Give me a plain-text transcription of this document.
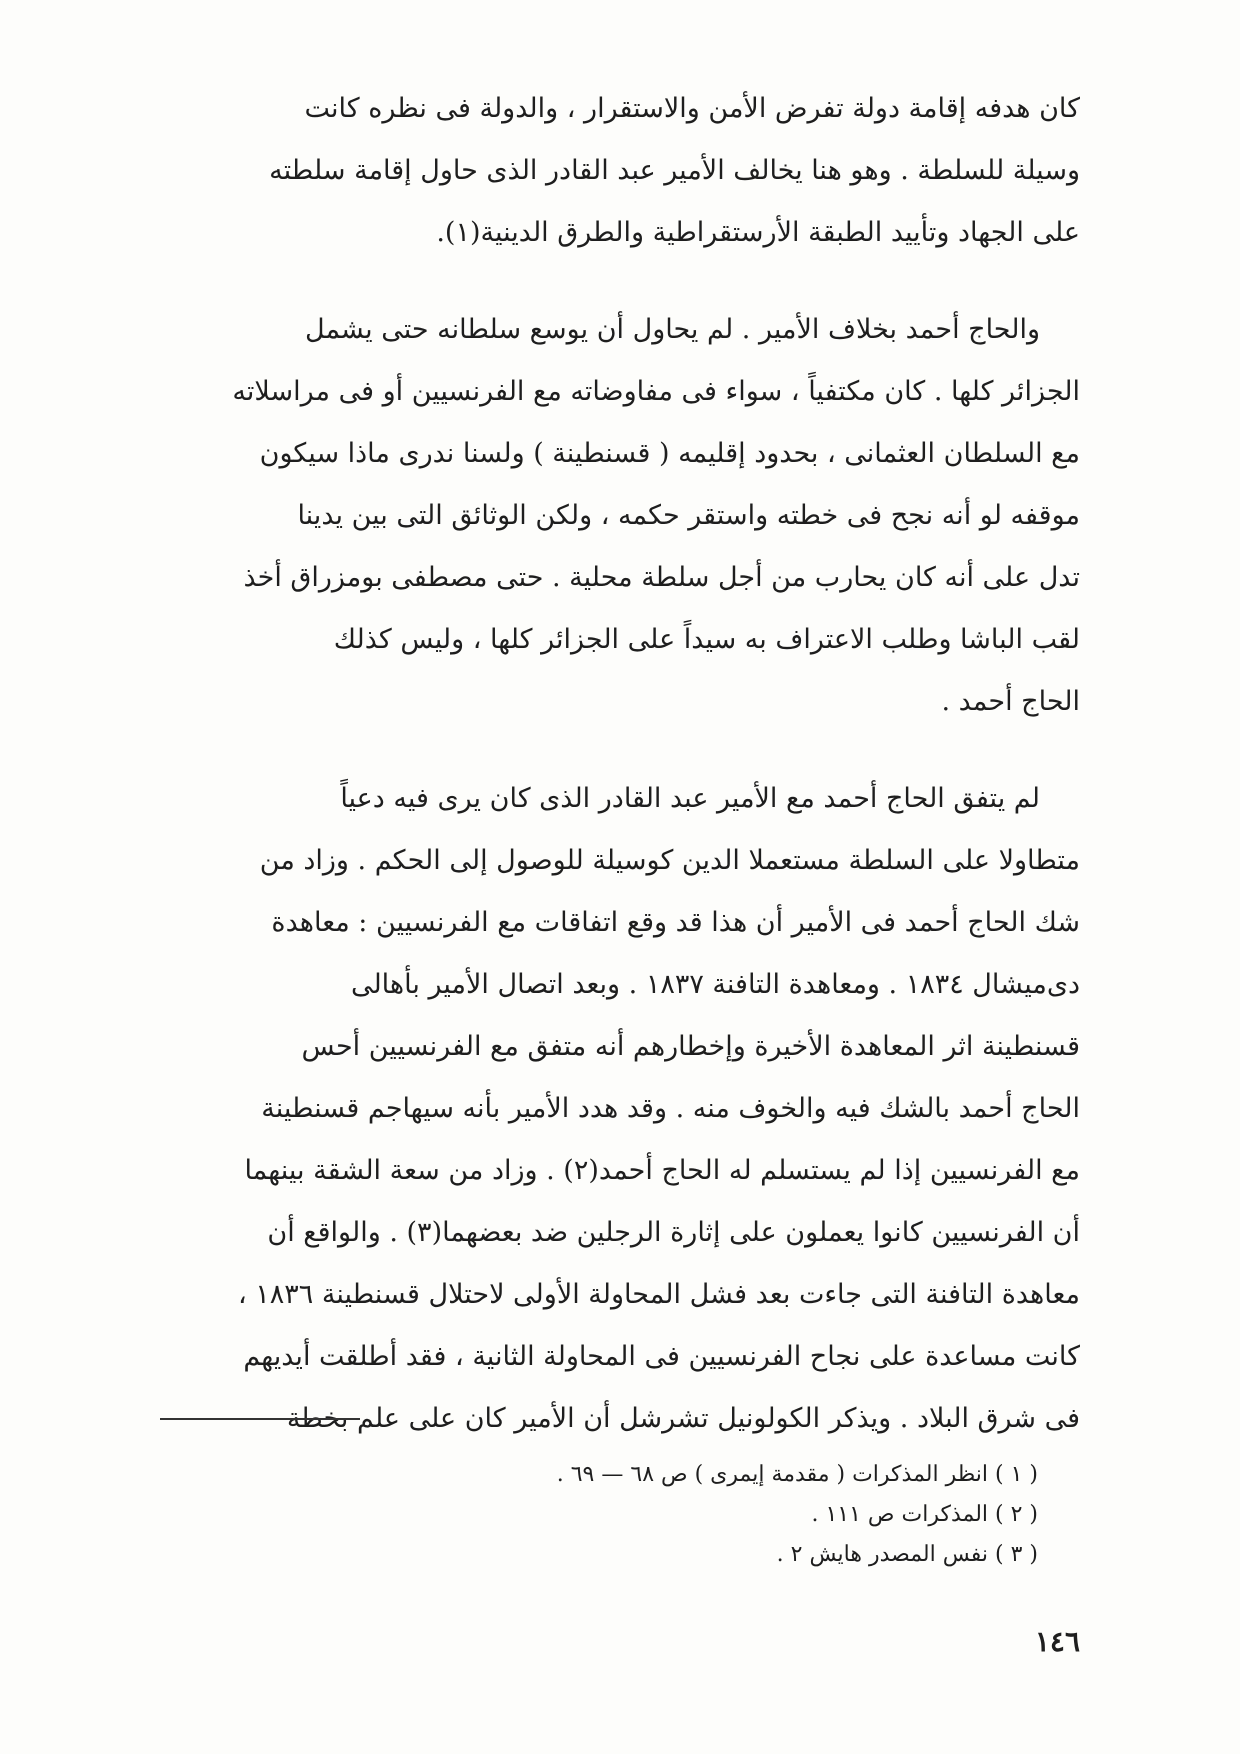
كان هدفه إقامة دولة تفرض الأمن والاستقرار ، والدولة فى نظره كانت
وسيلة للسلطة . وهو هنا يخالف الأمير عبد القادر الذى حاول إقامة سلطته
على الجهاد وتأييد الطبقة الأرستقراطية والطرق الدينية(١).
والحاج أحمد بخلاف الأمير . لم يحاول أن يوسع سلطانه حتى يشمل
الجزائر كلها . كان مكتفياً ، سواء فى مفاوضاته مع الفرنسيين أو فى مراسلاته
مع السلطان العثمانى ، بحدود إقليمه ( قسنطينة ) ولسنا ندرى ماذا سيكون
موقفه لو أنه نجح فى خطته واستقر حكمه ، ولكن الوثائق التى بين يدينا
تدل على أنه كان يحارب من أجل سلطة محلية . حتى مصطفى بومزراق أخذ
لقب الباشا وطلب الاعتراف به سيداً على الجزائر كلها ، وليس كذلك
الحاج أحمد .
لم يتفق الحاج أحمد مع الأمير عبد القادر الذى كان يرى فيه دعياً
متطاولا على السلطة مستعملا الدين كوسيلة للوصول إلى الحكم . وزاد من
شك الحاج أحمد فى الأمير أن هذا قد وقع اتفاقات مع الفرنسيين : معاهدة
دى‌ميشال ١٨٣٤ . ومعاهدة التافنة ١٨٣٧ . وبعد اتصال الأمير بأهالى
قسنطينة اثر المعاهدة الأخيرة وإخطارهم أنه متفق مع الفرنسيين أحس
الحاج أحمد بالشك فيه والخوف منه . وقد هدد الأمير بأنه سيهاجم قسنطينة
مع الفرنسيين إذا لم يستسلم له الحاج أحمد(٢) . وزاد من سعة الشقة بينهما
أن الفرنسيين كانوا يعملون على إثارة الرجلين ضد بعضهما(٣) . والواقع أن
معاهدة التافنة التى جاءت بعد فشل المحاولة الأولى لاحتلال قسنطينة ١٨٣٦ ،
كانت مساعدة على نجاح الفرنسيين فى المحاولة الثانية ، فقد أطلقت أيديهم
فى شرق البلاد . ويذكر الكولونيل تشرشل أن الأمير كان على علم بخطة
( ١ ) انظر المذكرات ( مقدمة إيمرى ) ص ٦٨ — ٦٩ .
( ٢ ) المذكرات ص ١١١ .
( ٣ ) نفس المصدر هايش ٢ .
١٤٦
